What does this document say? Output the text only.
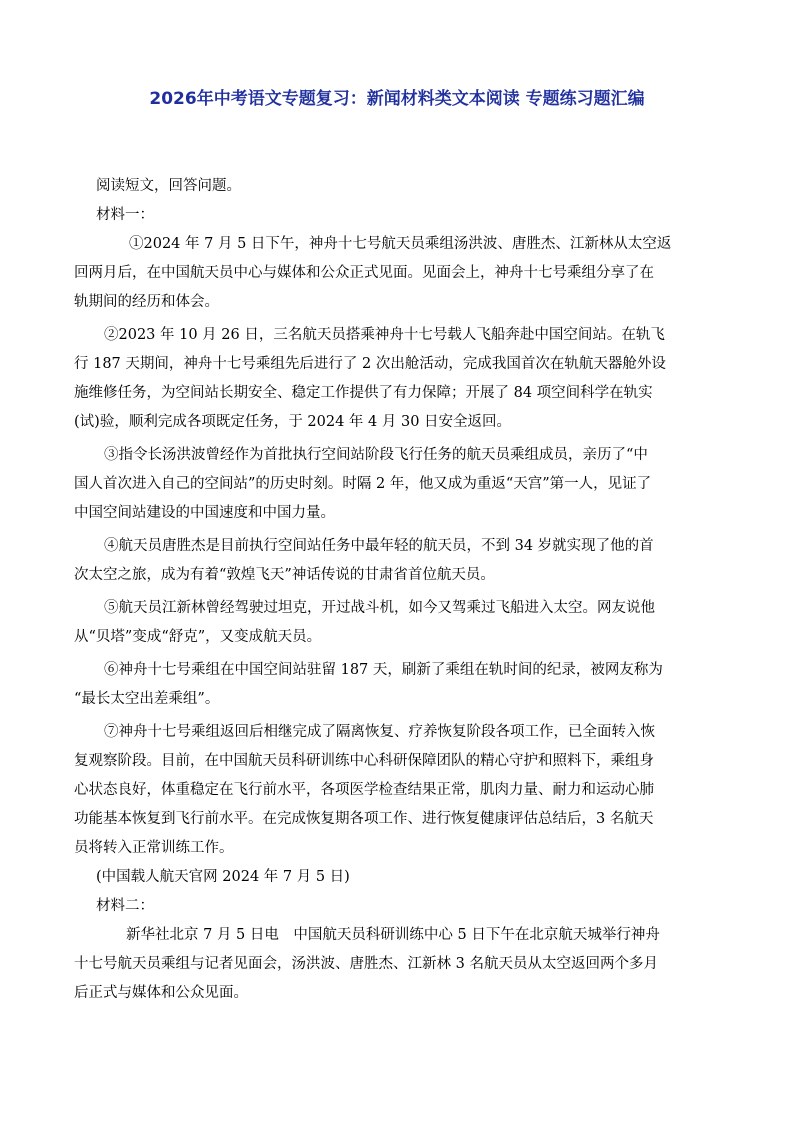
2026年中考语文专题复习：新闻材料类文本阅读 专题练习题汇编
阅读短文，回答问题。
材料一：
①2024 年 7 月 5 日下午，神舟十七号航天员乘组汤洪波、唐胜杰、江新林从太空返
回两月后，在中国航天员中心与媒体和公众正式见面。见面会上，神舟十七号乘组分享了在
轨期间的经历和体会。
②2023 年 10 月 26 日，三名航天员搭乘神舟十七号载人飞船奔赴中国空间站。在轨飞
行 187 天期间，神舟十七号乘组先后进行了 2 次出舱活动，完成我国首次在轨航天器舱外设
施维修任务，为空间站长期安全、稳定工作提供了有力保障；开展了 84 项空间科学在轨实
(试)验，顺利完成各项既定任务，于 2024 年 4 月 30 日安全返回。
③指令长汤洪波曾经作为首批执行空间站阶段飞行任务的航天员乘组成员，亲历了“中
国人首次进入自己的空间站”的历史时刻。时隔 2 年，他又成为重返“天宫”第一人，见证了
中国空间站建设的中国速度和中国力量。
④航天员唐胜杰是目前执行空间站任务中最年轻的航天员，不到 34 岁就实现了他的首
次太空之旅，成为有着“敦煌飞天”神话传说的甘肃省首位航天员。
⑤航天员江新林曾经驾驶过坦克，开过战斗机，如今又驾乘过飞船进入太空。网友说他
从“贝塔”变成“舒克”，又变成航天员。
⑥神舟十七号乘组在中国空间站驻留 187 天，刷新了乘组在轨时间的纪录，被网友称为
“最长太空出差乘组”。
⑦神舟十七号乘组返回后相继完成了隔离恢复、疗养恢复阶段各项工作，已全面转入恢
复观察阶段。目前，在中国航天员科研训练中心科研保障团队的精心守护和照料下，乘组身
心状态良好，体重稳定在飞行前水平，各项医学检查结果正常，肌肉力量、耐力和运动心肺
功能基本恢复到飞行前水平。在完成恢复期各项工作、进行恢复健康评估总结后，3 名航天
员将转入正常训练工作。
(中国载人航天官网 2024 年 7 月 5 日)
材料二：
新华社北京 7 月 5 日电　中国航天员科研训练中心 5 日下午在北京航天城举行神舟
十七号航天员乘组与记者见面会，汤洪波、唐胜杰、江新林 3 名航天员从太空返回两个多月
后正式与媒体和公众见面。
